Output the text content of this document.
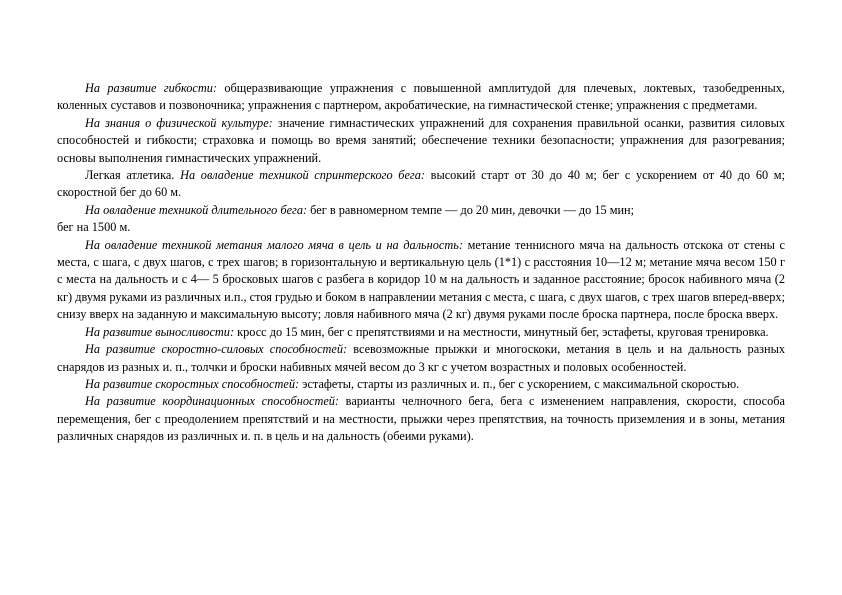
На развитие гибкости: общеразвивающие упражнения с повышенной амплитудой для плечевых, локтевых, тазобедренных, коленных суставов и позвоночника; упражнения с партнером, акробатические, на гимнастической стенке; упражнения с предметами.

На знания о физической культуре: значение гимнастических упражнений для сохранения правильной осанки, развития силовых способностей и гибкости; страховка и помощь во время занятий; обеспечение техники безопасности; упражнения для разогревания; основы выполнения гимнастических упражнений.

Легкая атлетика. На овладение техникой спринтерского бега: высокий старт от 30 до 40 м; бег с ускорением от 40 до 60 м; скоростной бег до 60 м.

На овладение техникой длительного бега: бег в равномерном темпе — до 20 мин, девочки — до 15 мин;

бег на 1500 м.

На овладение техникой метания малого мяча в цель и на дальность: метание теннисного мяча на дальность отскока от стены с места, с шага, с двух шагов, с трех шагов; в горизонтальную и вертикальную цель (1*1) с расстояния 10—12 м; метание мяча весом 150 г с места на дальность и с 4— 5 бросковых шагов с разбега в коридор 10 м на дальность и заданное расстояние; бросок набивного мяча (2 кг) двумя руками из различных и.п., стоя грудью и боком в направлении метания с места, с шага, с двух шагов, с трех шагов вперед-вверх; снизу вверх на заданную и максимальную высоту; ловля набивного мяча (2 кг) двумя руками после броска партнера, после броска вверх.

На развитие выносливости: кросс до 15 мин, бег с препятствиями и на местности, минутный бег, эстафеты, круговая тренировка.

На развитие скоростно-силовых способностей: всевозможные прыжки и многоскоки, метания в цель и на дальность разных снарядов из разных и. п., толчки и броски набивных мячей весом до 3 кг с учетом возрастных и половых особенностей.

На развитие скоростных способностей: эстафеты, старты из различных и. п., бег с ускорением, с максимальной скоростью.

На развитие координационных способностей: варианты челночного бега, бега с изменением направления, скорости, способа перемещения, бег с преодолением препятствий и на местности, прыжки через препятствия, на точность приземления и в зоны, метания различных снарядов из различных и. п. в цель и на дальность (обеими руками).
